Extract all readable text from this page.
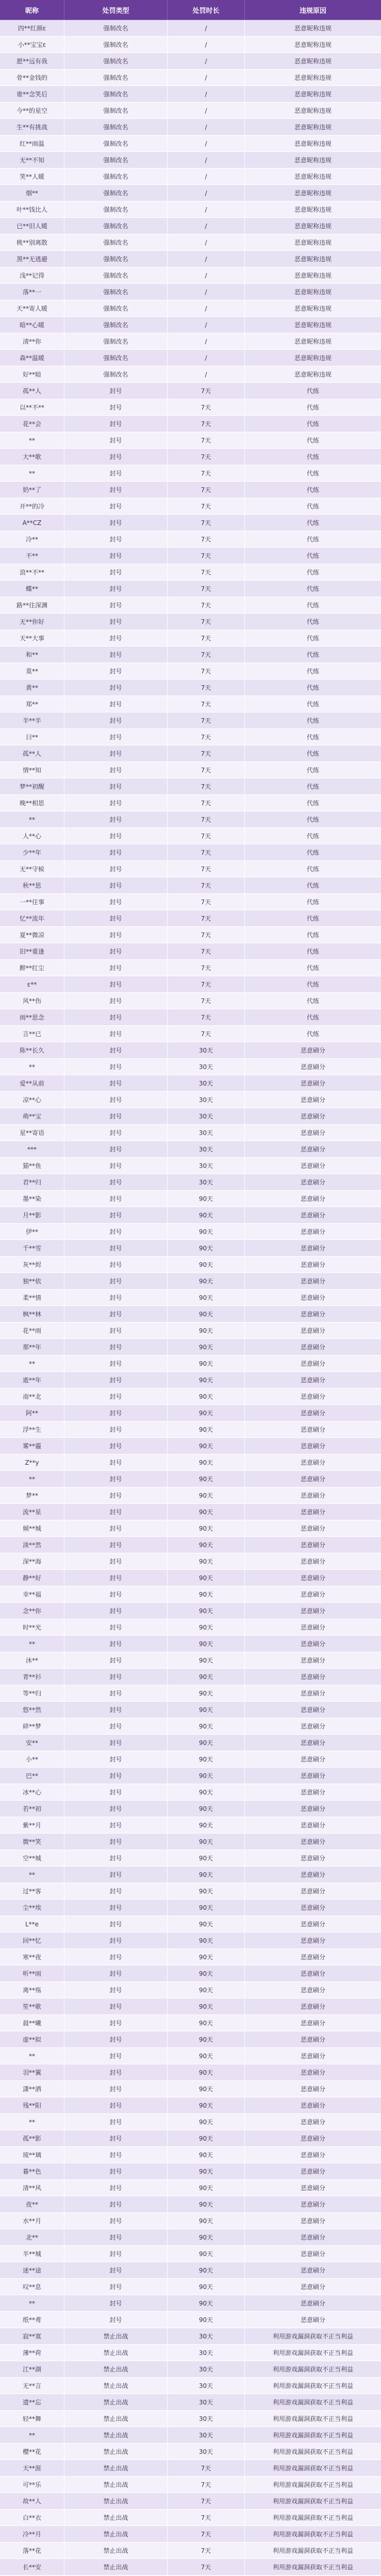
昵称	处罚类型	处罚时长	违规原因
四**红颜ε	强制改名	/	恶意昵称违规
小**宝宝ε	强制改名	/	恶意昵称违规
愿**远有我	强制改名	/	恶意昵称违规
骨**金钱的	强制改名	/	恶意昵称违规
谁**念笑后	强制改名	/	恶意昵称违规
今**的星空	强制改名	/	恶意昵称违规
生**有挑战	强制改名	/	恶意昵称违规
红**雨温	强制改名	/	恶意昵称违规
无**不知	强制改名	/	恶意昵称违规
笑**人暖	强制改名	/	恶意昵称违规
烟**	强制改名	/	恶意昵称违规
叶**钱比人	强制改名	/	恶意昵称违规
已**旧人暖	强制改名	/	恶意昵称违规
桃**别离散	强制改名	/	恶意昵称违规
黑**无逃避	强制改名	/	恶意昵称违规
浅**记得	强制改名	/	恶意昵称违规
落**一	强制改名	/	恶意昵称违规
天**寄人暖	强制改名	/	恶意昵称违规
暗**心暖	强制改名	/	恶意昵称违规
清**你	强制改名	/	恶意昵称违规
森**温暖	强制改名	/	恶意昵称违规
好**暗	强制改名	/	恶意昵称违规
孤**人	封号	7天	代练
以**不**	封号	7天	代练
花**会	封号	7天	代练
**	封号	7天	代练
大**歌	封号	7天	代练
**	封号	7天	代练
奶**了	封号	7天	代练
开**的冷	封号	7天	代练
A**CZ	封号	7天	代练
冷**	封号	7天	代练
不**	封号	7天	代练
浪**不**	封号	7天	代练
蝶**	封号	7天	代练
路**往深渊	封号	7天	代练
无**你好	封号	7天	代练
天**大事	封号	7天	代练
和**	封号	7天	代练
莫**	封号	7天	代练
黄**	封号	7天	代练
郑**	封号	7天	代练
半**半	封号	7天	代练
曰**	封号	7天	代练
孤**人	封号	7天	代练
情**知	封号	7天	代练
梦**初醒	封号	7天	代练
晚**相思	封号	7天	代练
**	封号	7天	代练
人**心	封号	7天	代练
少**年	封号	7天	代练
无**守候	封号	7天	代练
秋**思	封号	7天	代练
一**往事	封号	7天	代练
忆**流年	封号	7天	代练
夏**微凉	封号	7天	代练
旧**重逢	封号	7天	代练
醉**红尘	封号	7天	代练
ε**	封号	7天	代练
风**伤	封号	7天	代练
雨**思念	封号	7天	代练
言**已	封号	7天	代练
陈**长久	封号	30天	恶意刷分
**	封号	30天	恶意刷分
爱**从前	封号	30天	恶意刷分
凉**心	封号	30天	恶意刷分
萌**宝	封号	30天	恶意刷分
星**寄语	封号	30天	恶意刷分
***	封号	30天	恶意刷分
猫**鱼	封号	30天	恶意刷分
君**归	封号	30天	恶意刷分
墨**染	封号	90天	恶意刷分
月**影	封号	90天	恶意刷分
伊**	封号	90天	恶意刷分
千**雪	封号	90天	恶意刷分
灰**烬	封号	90天	恶意刷分
独**依	封号	90天	恶意刷分
柔**情	封号	90天	恶意刷分
枫**林	封号	90天	恶意刷分
花**雨	封号	90天	恶意刷分
那**年	封号	90天	恶意刷分
**	封号	90天	恶意刷分
逝**年	封号	90天	恶意刷分
南**北	封号	90天	恶意刷分
阿**	封号	90天	恶意刷分
浮**生	封号	90天	恶意刷分
雾**霾	封号	90天	恶意刷分
Z**y	封号	90天	恶意刷分
**	封号	90天	恶意刷分
梦**	封号	90天	恶意刷分
流**星	封号	90天	恶意刷分
倾**城	封号	90天	恶意刷分
淡**然	封号	90天	恶意刷分
深**海	封号	90天	恶意刷分
静**好	封号	90天	恶意刷分
幸**福	封号	90天	恶意刷分
念**你	封号	90天	恶意刷分
时**光	封号	90天	恶意刷分
**	封号	90天	恶意刷分
沐**	封号	90天	恶意刷分
青**衫	封号	90天	恶意刷分
等**归	封号	90天	恶意刷分
悠**然	封号	90天	恶意刷分
碎**梦	封号	90天	恶意刷分
安**	封号	90天	恶意刷分
小**	封号	90天	恶意刷分
巴**	封号	90天	恶意刷分
冰**心	封号	90天	恶意刷分
若**初	封号	90天	恶意刷分
紫**月	封号	90天	恶意刷分
微**笑	封号	90天	恶意刷分
空**城	封号	90天	恶意刷分
**	封号	90天	恶意刷分
过**客	封号	90天	恶意刷分
尘**埃	封号	90天	恶意刷分
L**e	封号	90天	恶意刷分
回**忆	封号	90天	恶意刷分
寒**夜	封号	90天	恶意刷分
听**雨	封号	90天	恶意刷分
离**殇	封号	90天	恶意刷分
笙**歌	封号	90天	恶意刷分
晨**曦	封号	90天	恶意刷分
虚**拟	封号	90天	恶意刷分
**	封号	90天	恶意刷分
羽**翼	封号	90天	恶意刷分
潇**洒	封号	90天	恶意刷分
残**阳	封号	90天	恶意刷分
**	封号	90天	恶意刷分
孤**影	封号	90天	恶意刷分
琉**璃	封号	90天	恶意刷分
暮**色	封号	90天	恶意刷分
清**风	封号	90天	恶意刷分
夜**	封号	90天	恶意刷分
水**月	封号	90天	恶意刷分
北**	封号	90天	恶意刷分
半**城	封号	90天	恶意刷分
迷**途	封号	90天	恶意刷分
叹**息	封号	90天	恶意刷分
**	封号	90天	恶意刷分
纸**鸢	封号	90天	恶意刷分
寂**寞	禁止出战	30天	利用游戏漏洞获取不正当利益
薄**荷	禁止出战	30天	利用游戏漏洞获取不正当利益
江**湖	禁止出战	30天	利用游戏漏洞获取不正当利益
无**言	禁止出战	30天	利用游戏漏洞获取不正当利益
遗**忘	禁止出战	30天	利用游戏漏洞获取不正当利益
轻**舞	禁止出战	30天	利用游戏漏洞获取不正当利益
**	禁止出战	30天	利用游戏漏洞获取不正当利益
樱**花	禁止出战	30天	利用游戏漏洞获取不正当利益
天**涯	禁止出战	7天	利用游戏漏洞获取不正当利益
可**乐	禁止出战	7天	利用游戏漏洞获取不正当利益
故**人	禁止出战	7天	利用游戏漏洞获取不正当利益
白**衣	禁止出战	7天	利用游戏漏洞获取不正当利益
冷**月	禁止出战	7天	利用游戏漏洞获取不正当利益
落**花	禁止出战	7天	利用游戏漏洞获取不正当利益
长**安	禁止出战	7天	利用游戏漏洞获取不正当利益
